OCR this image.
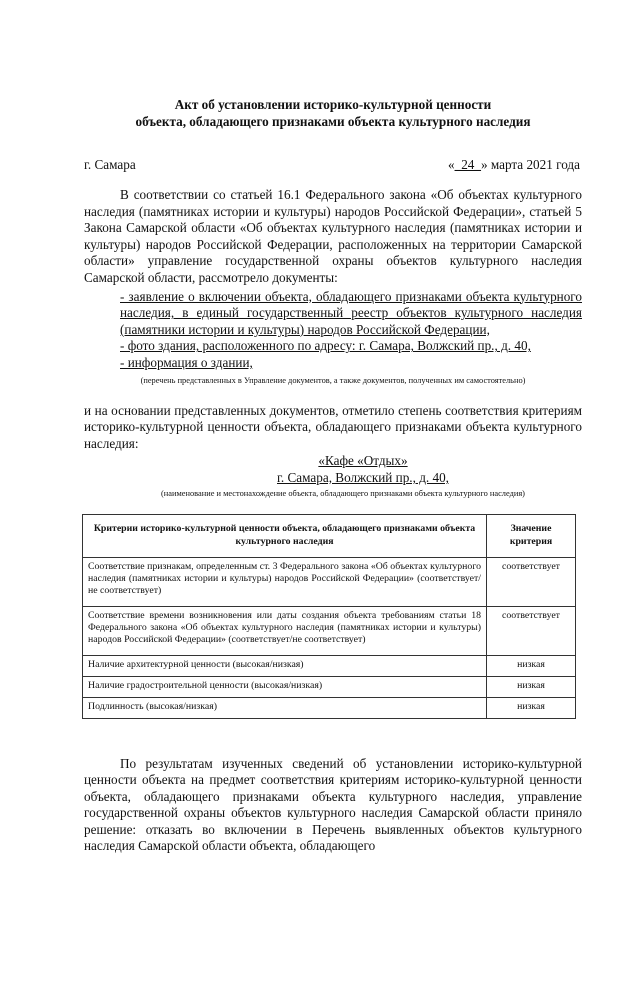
Акт об установлении историко-культурной ценности
объекта, обладающего признаками объекта культурного наследия
г. Самара	«_24_» марта 2021 года

В соответствии со статьей 16.1 Федерального закона «Об объектах культурного наследия (памятниках истории и культуры) народов Российской Федерации», статьей 5 Закона Самарской области «Об объектах культурного наследия (памятниках истории и культуры) народов Российской Федерации, расположенных на территории Самарской области» управление государственной охраны объектов культурного наследия Самарской области, рассмотрело документы:

- заявление о включении объекта, обладающего признаками объекта культурного наследия, в единый государственный реестр объектов культурного наследия (памятники истории и культуры) народов Российской Федерации,
- фото здания, расположенного по адресу: г. Самара, Волжский пр., д. 40,
- информация о здании,
(перечень представленных в Управление документов, а также документов, полученных им самостоятельно)

и на основании представленных документов, отметило степень соответствия критериям историко-культурной ценности объекта, обладающего признаками объекта культурного наследия:

«Кафе «Отдых»
г. Самара, Волжский пр., д. 40,
(наименование и местонахождение объекта, обладающего признаками объекта культурного наследия)
Критерии историко-культурной ценности объекта, обладающего признаками объекта культурного наследия	Значение критерия
Соответствие признакам, определенным ст. 3 Федерального закона «Об объектах культурного наследия (памятниках истории и культуры) народов Российской Федерации» (соответствует/не соответствует)	соответствует
Соответствие времени возникновения или даты создания объекта требованиям статьи 18 Федерального закона «Об объектах культурного наследия (памятниках истории и культуры) народов Российской Федерации» (соответствует/не соответствует)	соответствует
Наличие архитектурной ценности (высокая/низкая)	низкая
Наличие градостроительной ценности (высокая/низкая)	низкая
Подлинность (высокая/низкая)	низкая

По результатам изученных сведений об установлении историко-культурной ценности объекта на предмет соответствия критериям историко-культурной ценности объекта, обладающего признаками объекта культурного наследия, управление государственной охраны объектов культурного наследия Самарской области приняло решение: отказать во включении в Перечень выявленных объектов культурного наследия Самарской области объекта, обладающего
